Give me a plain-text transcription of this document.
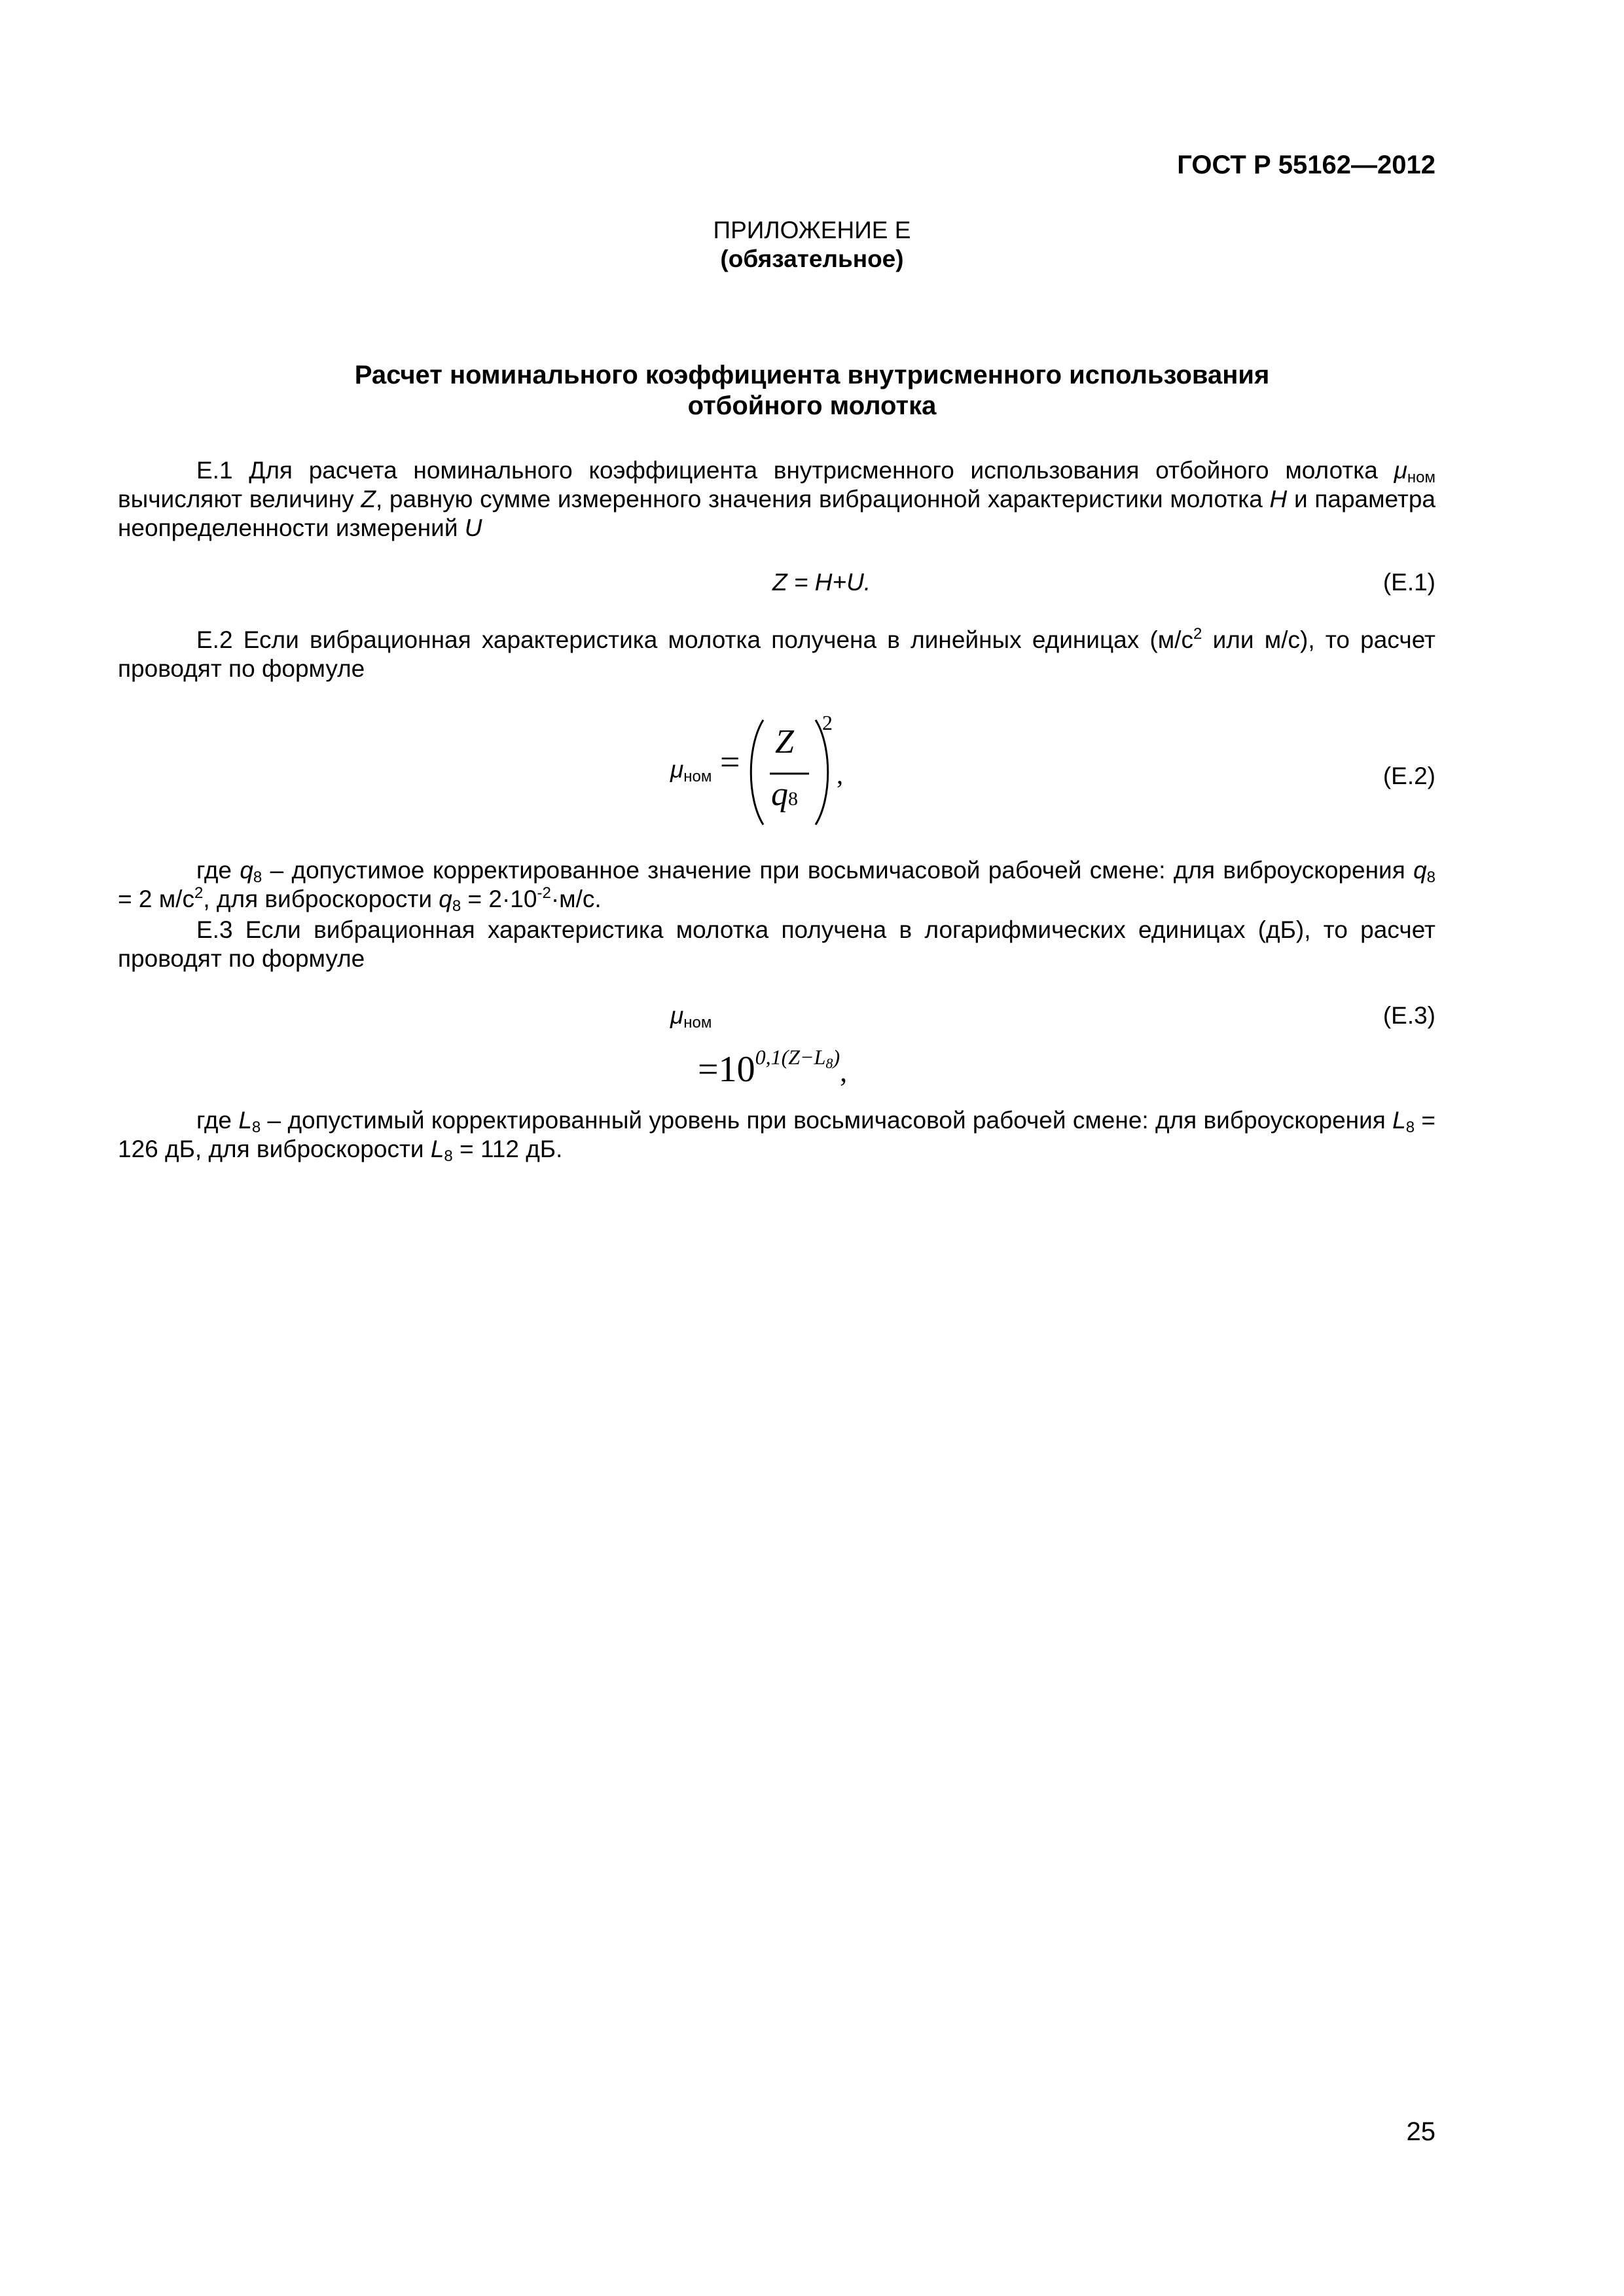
ГОСТ Р 55162—2012
ПРИЛОЖЕНИЕ Е
(обязательное)
Расчет номинального коэффициента внутрисменного использования
отбойного молотка
Е.1 Для расчета номинального коэффициента внутрисменного использования отбойного молотка $\mu_{ном}$ вычисляют величину Z, равную сумме измеренного значения вибрационной характеристики молотка H и параметра неопределенности измерений U
Z = H+U.	(Е.1)
Е.2 Если вибрационная характеристика молотка получена в линейных единицах ($м/с^2$ или м/с), то расчет проводят по формуле
$\mu_{ном}$ =
Z
q8
2
,	(Е.2)
где $q_8$ – допустимое корректированное значение при восьмичасовой рабочей смене: для виброускорения $q_8 = 2$ $м/с^2$, для виброскорости $q_8 = 2\cdot 10^{-2}\cdot м/с$.
Е.3 Если вибрационная характеристика молотка получена в логарифмических единицах (дБ), то расчет проводят по формуле
$\mu_{ном}$	(Е.3)
$=10^{0,1(Z-L8)}$,
где $L_8$ – допустимый корректированный уровень при восьмичасовой рабочей смене: для виброускорения $L_8 = 126$ дБ, для виброскорости $L_8 = 112$ дБ.
25
